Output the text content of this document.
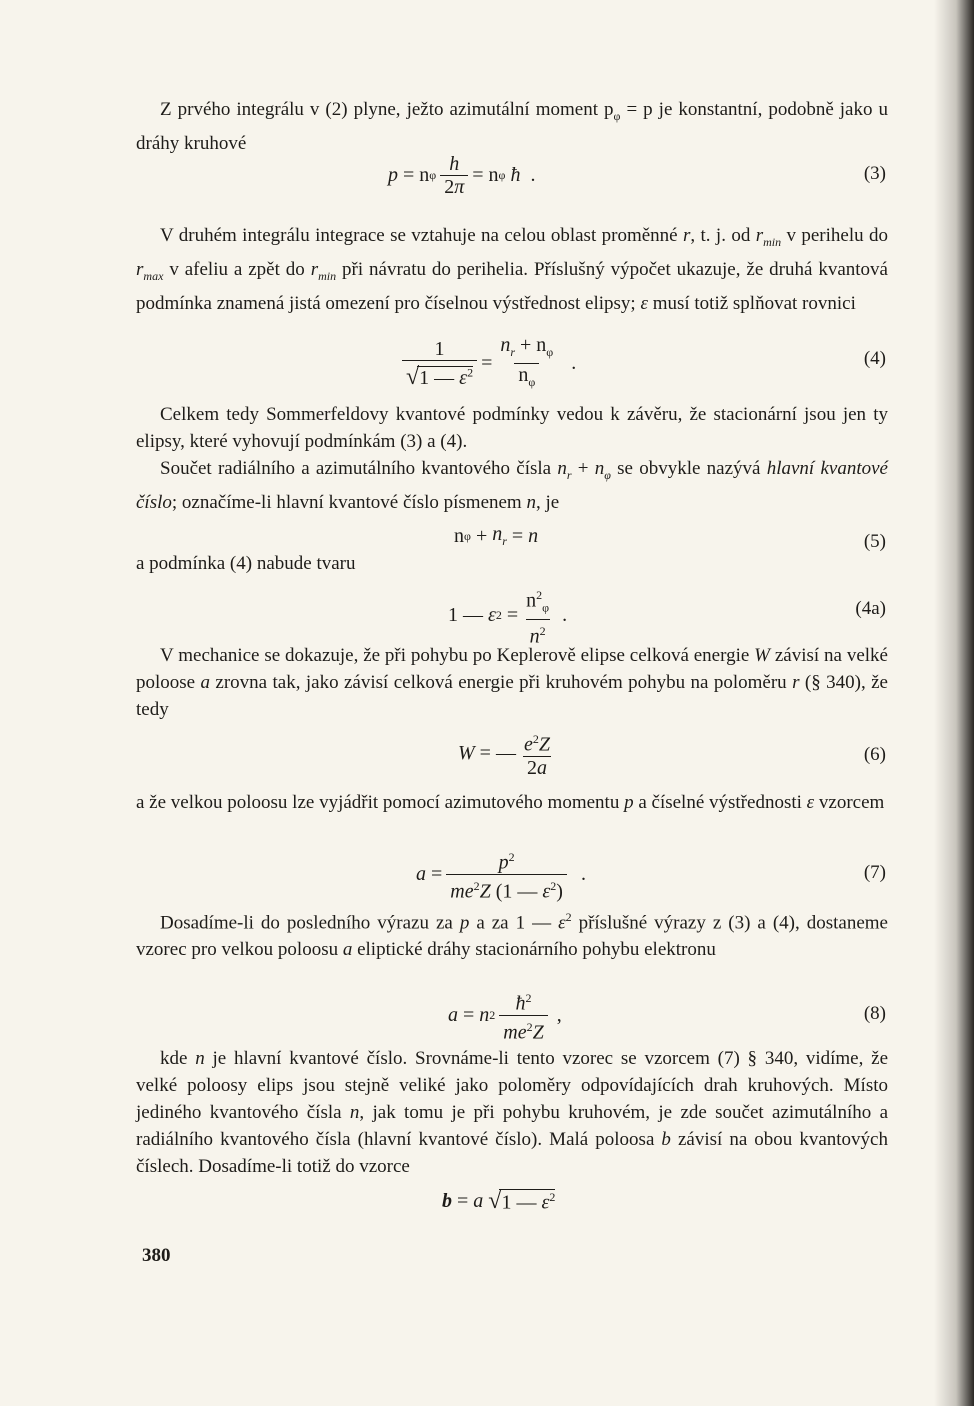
Z prvého integrálu v (2) plyne, ježto azimutální moment $p_\varphi = p$ je konstantní, podobně jako u dráhy kruhové
p = n φ $\frac{h}{2\pi} = n$ φ
ħ .	(3)
V druhém integrálu integrace se vztahuje na celou oblast proměnné r, t. j. od $r_{min}$ v perihelu do $r_{max}$ v afeliu a zpět do $r_{min}$ při návratu do perihelia. Příslušný výpočet ukazuje, že druhá kvantová podmínka znamená jistá omezení pro číselnou výstřednost elipsy; ε musí totiž splňovat rovnici
$\frac{1}{√1 — \varepsilon^2} = \frac{n_r + n_\varphi}{n_\varphi}$ .	(4)
Celkem tedy Sommerfeldovy kvantové podmínky vedou k závěru, že stacionární jsou jen ty elipsy, které vyhovují podmínkám (3) a (4).
Součet radiálního a azimutálního kvantového čísla $n_r + n_\varphi$ se obvykle nazývá hlavní kvantové číslo; označíme-li hlavní kvantové číslo písmenem n, je
n $\varphi + n_r = n$	(5)
a podmínka (4) nabude tvaru
1 — ε $2 = \frac{n^2_\varphi}{n^2}$ .	(4a)
V mechanice se dokazuje, že při pohybu po Keplerově elipse celková energie W závisí na velké poloose a zrovna tak, jako závisí celková energie při kruhovém pohybu na poloměru r (§ 340), že tedy
W = — $\frac{e^2Z}{2a}$	(6)
a že velkou poloosu lze vyjádřit pomocí azimutového momentu p a číselné výstřednosti ε vzorcem
$a = \frac{p^2}{me^2Z (1 — \varepsilon^2)}$ .	(7)
Dosadíme-li do posledního výrazu za p a za 1 — $\varepsilon^2$ příslušné výrazy z (3) a (4), dostaneme vzorec pro velkou poloosu a eliptické dráhy stacionárního pohybu elektronu
a = n $2 \frac{ħ^2}{me^2Z}$ ,	(8)
kde n je hlavní kvantové číslo. Srovnáme-li tento vzorec se vzorcem (7) § 340, vidíme, že velké poloosy elips jsou stejně veliké jako poloměry odpovídajících drah kruhových. Místo jediného kvantového čísla n, jak tomu je při pohybu kruhovém, je zde součet azimutálního a radiálního kvantového čísla (hlavní kvantové číslo). Malá poloosa b závisí na obou kvantových číslech. Dosadíme-li totiž do vzorce
b = a
√ 1 — $\varepsilon^2$
380
